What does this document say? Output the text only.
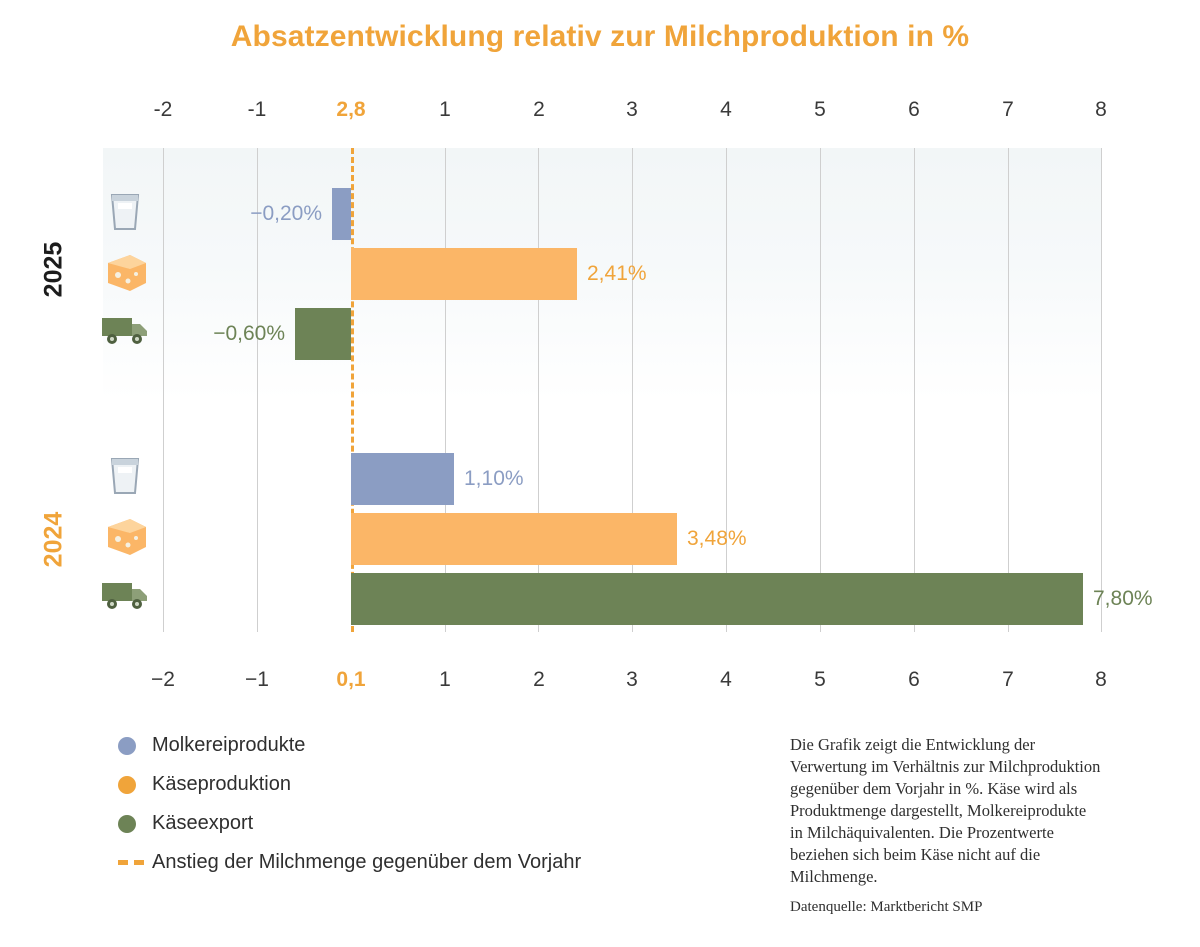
Absatzentwicklung relativ zur Milchproduktion in %
-2	-1	2,8	1	2	3	4	5	6	7	8
−0,20%
2,41%
−0,60%
1,10%
3,48%
7,80%
2025
2024
−2	−1	0,1	1	2	3	4	5	6	7	8
Molkereiprodukte
Käseproduktion
Käseexport
Anstieg der Milchmenge gegenüber dem Vorjahr
Die Grafik zeigt die Entwicklung der Verwertung im Verhältnis zur Milchproduktion gegenüber dem Vorjahr in %. Käse wird als Produktmenge dargestellt, Molkereiprodukte in Milchäquivalenten. Die Prozentwerte beziehen sich beim Käse nicht auf die Milchmenge.
Datenquelle: Marktbericht SMP
